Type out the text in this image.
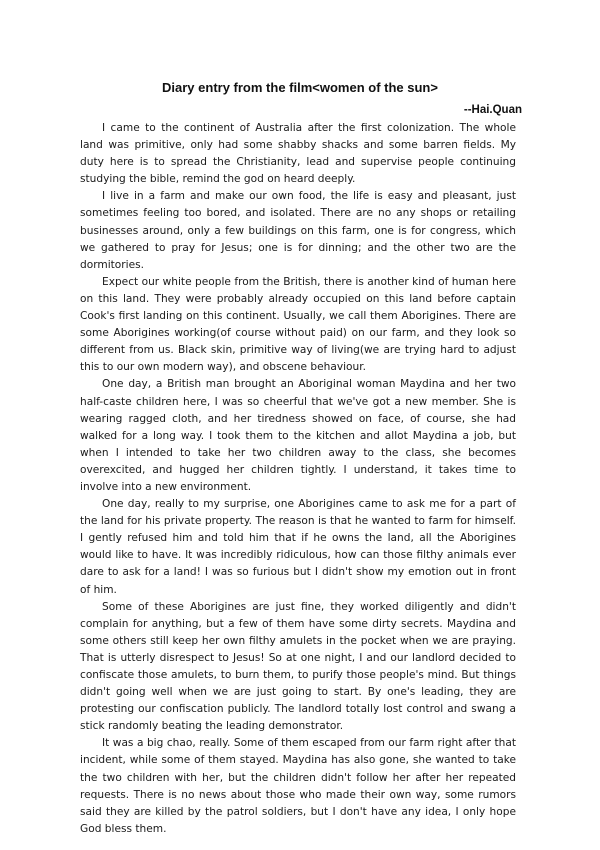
Diary entry from the film<women of the sun>
--Hai.Quan

I came to the continent of Australia after the first colonization. The whole land was primitive, only had some shabby shacks and some barren fields. My duty here is to spread the Christianity, lead and supervise people continuing studying the bible, remind the god on heard deeply.

I live in a farm and make our own food, the life is easy and pleasant, just sometimes feeling too bored, and isolated. There are no any shops or retailing businesses around, only a few buildings on this farm, one is for congress, which we gathered to pray for Jesus; one is for dinning; and the other two are the dormitories.

Expect our white people from the British, there is another kind of human here on this land. They were probably already occupied on this land before captain Cook's first landing on this continent. Usually, we call them Aborigines. There are some Aborigines working(of course without paid) on our farm, and they look so different from us. Black skin, primitive way of living(we are trying hard to adjust this to our own modern way), and obscene behaviour.

One day, a British man brought an Aboriginal woman Maydina and her two half-caste children here, I was so cheerful that we've got a new member. She is wearing ragged cloth, and her tiredness showed on face, of course, she had walked for a long way. I took them to the kitchen and allot Maydina a job, but when I intended to take her two children away to the class, she becomes overexcited, and hugged her children tightly. I understand, it takes time to involve into a new environment.

One day, really to my surprise, one Aborigines came to ask me for a part of the land for his private property. The reason is that he wanted to farm for himself. I gently refused him and told him that if he owns the land, all the Aborigines would like to have. It was incredibly ridiculous, how can those filthy animals ever dare to ask for a land! I was so furious but I didn't show my emotion out in front of him.

Some of these Aborigines are just fine, they worked diligently and didn't complain for anything, but a few of them have some dirty secrets. Maydina and some others still keep her own filthy amulets in the pocket when we are praying. That is utterly disrespect to Jesus! So at one night, I and our landlord decided to confiscate those amulets, to burn them, to purify those people's mind. But things didn't going well when we are just going to start. By one's leading, they are protesting our confiscation publicly. The landlord totally lost control and swang a stick randomly beating the leading demonstrator.

It was a big chao, really. Some of them escaped from our farm right after that incident, while some of them stayed. Maydina has also gone, she wanted to take the two children with her, but the children didn't follow her after her repeated requests. There is no news about those who made their own way, some rumors said they are killed by the patrol soldiers, but I don't have any idea, I only hope God bless them.
